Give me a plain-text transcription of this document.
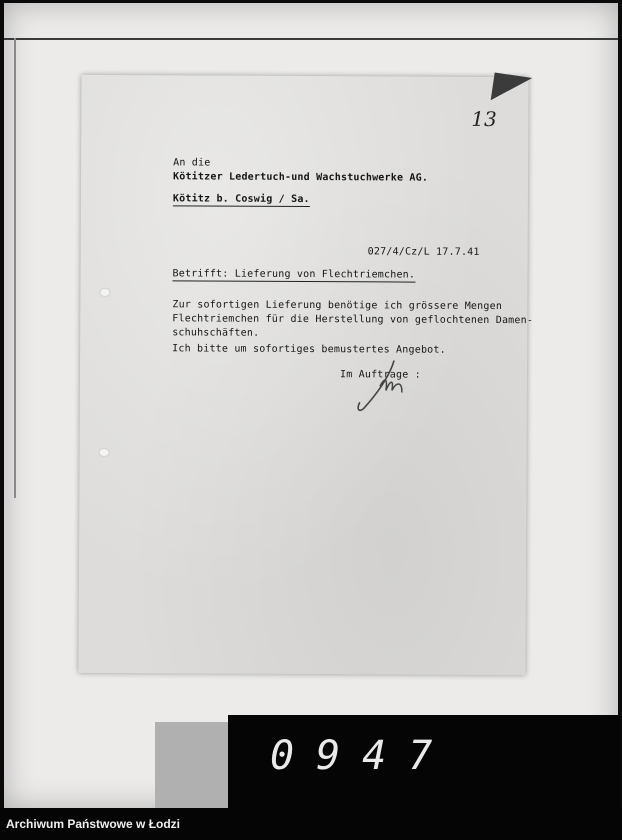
13
An die
Kötitzer Ledertuch-und Wachstuchwerke AG.
Kötitz b. Coswig / Sa.
027/4/Cz/L 17.7.41
Betrifft: Lieferung von Flechtriemchen.
Zur sofortigen Lieferung benötige ich grössere Mengen
Flechtriemchen für die Herstellung von geflochtenen Damen-
schuhschäften.
Ich bitte um sofortiges bemustertes Angebot.
Im Auftrage :
0947
Archiwum Państwowe w Łodzi
